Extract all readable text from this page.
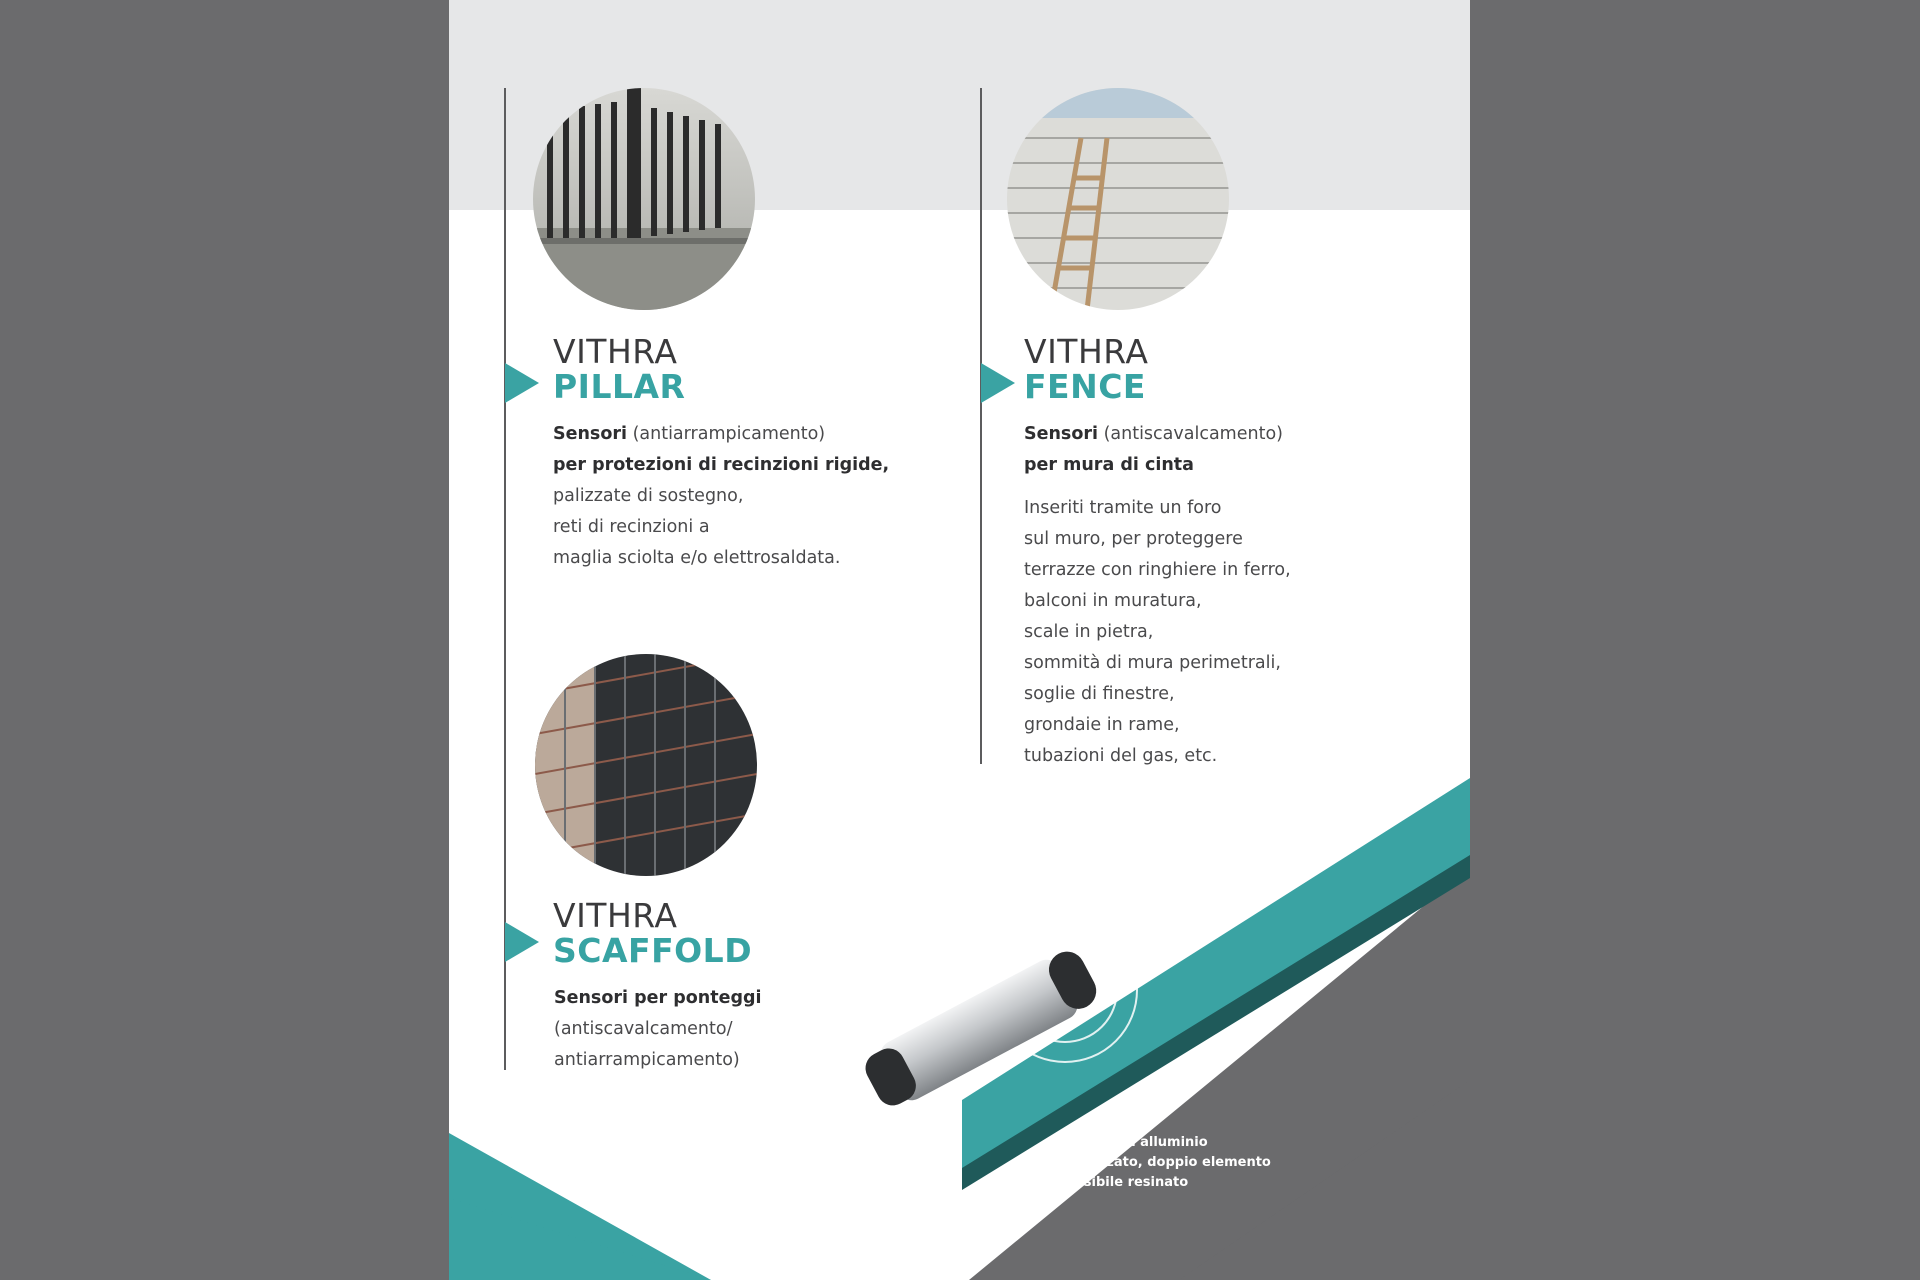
VITHRA
PILLAR

Sensori (antiarrampicamento)

per protezioni di recinzioni rigide,

palizzate di sostegno,

reti di recinzioni a

maglia sciolta e/o elettrosaldata.

VITHRA
FENCE

Sensori (antiscavalcamento)

per mura di cinta

Inseriti tramite un foro

sul muro, per proteggere

terrazze con ringhiere in ferro,

balconi in muratura,

scale in pietra,

sommità di mura perimetrali,

soglie di finestre,

grondaie in rame,

tubazioni del gas, etc.

VITHRA
SCAFFOLD

Sensori per ponteggi

(antiscavalcamento/

antiarrampicamento)

Sensore in alluminio
anodizzato, doppio elemento
sensibile resinato
